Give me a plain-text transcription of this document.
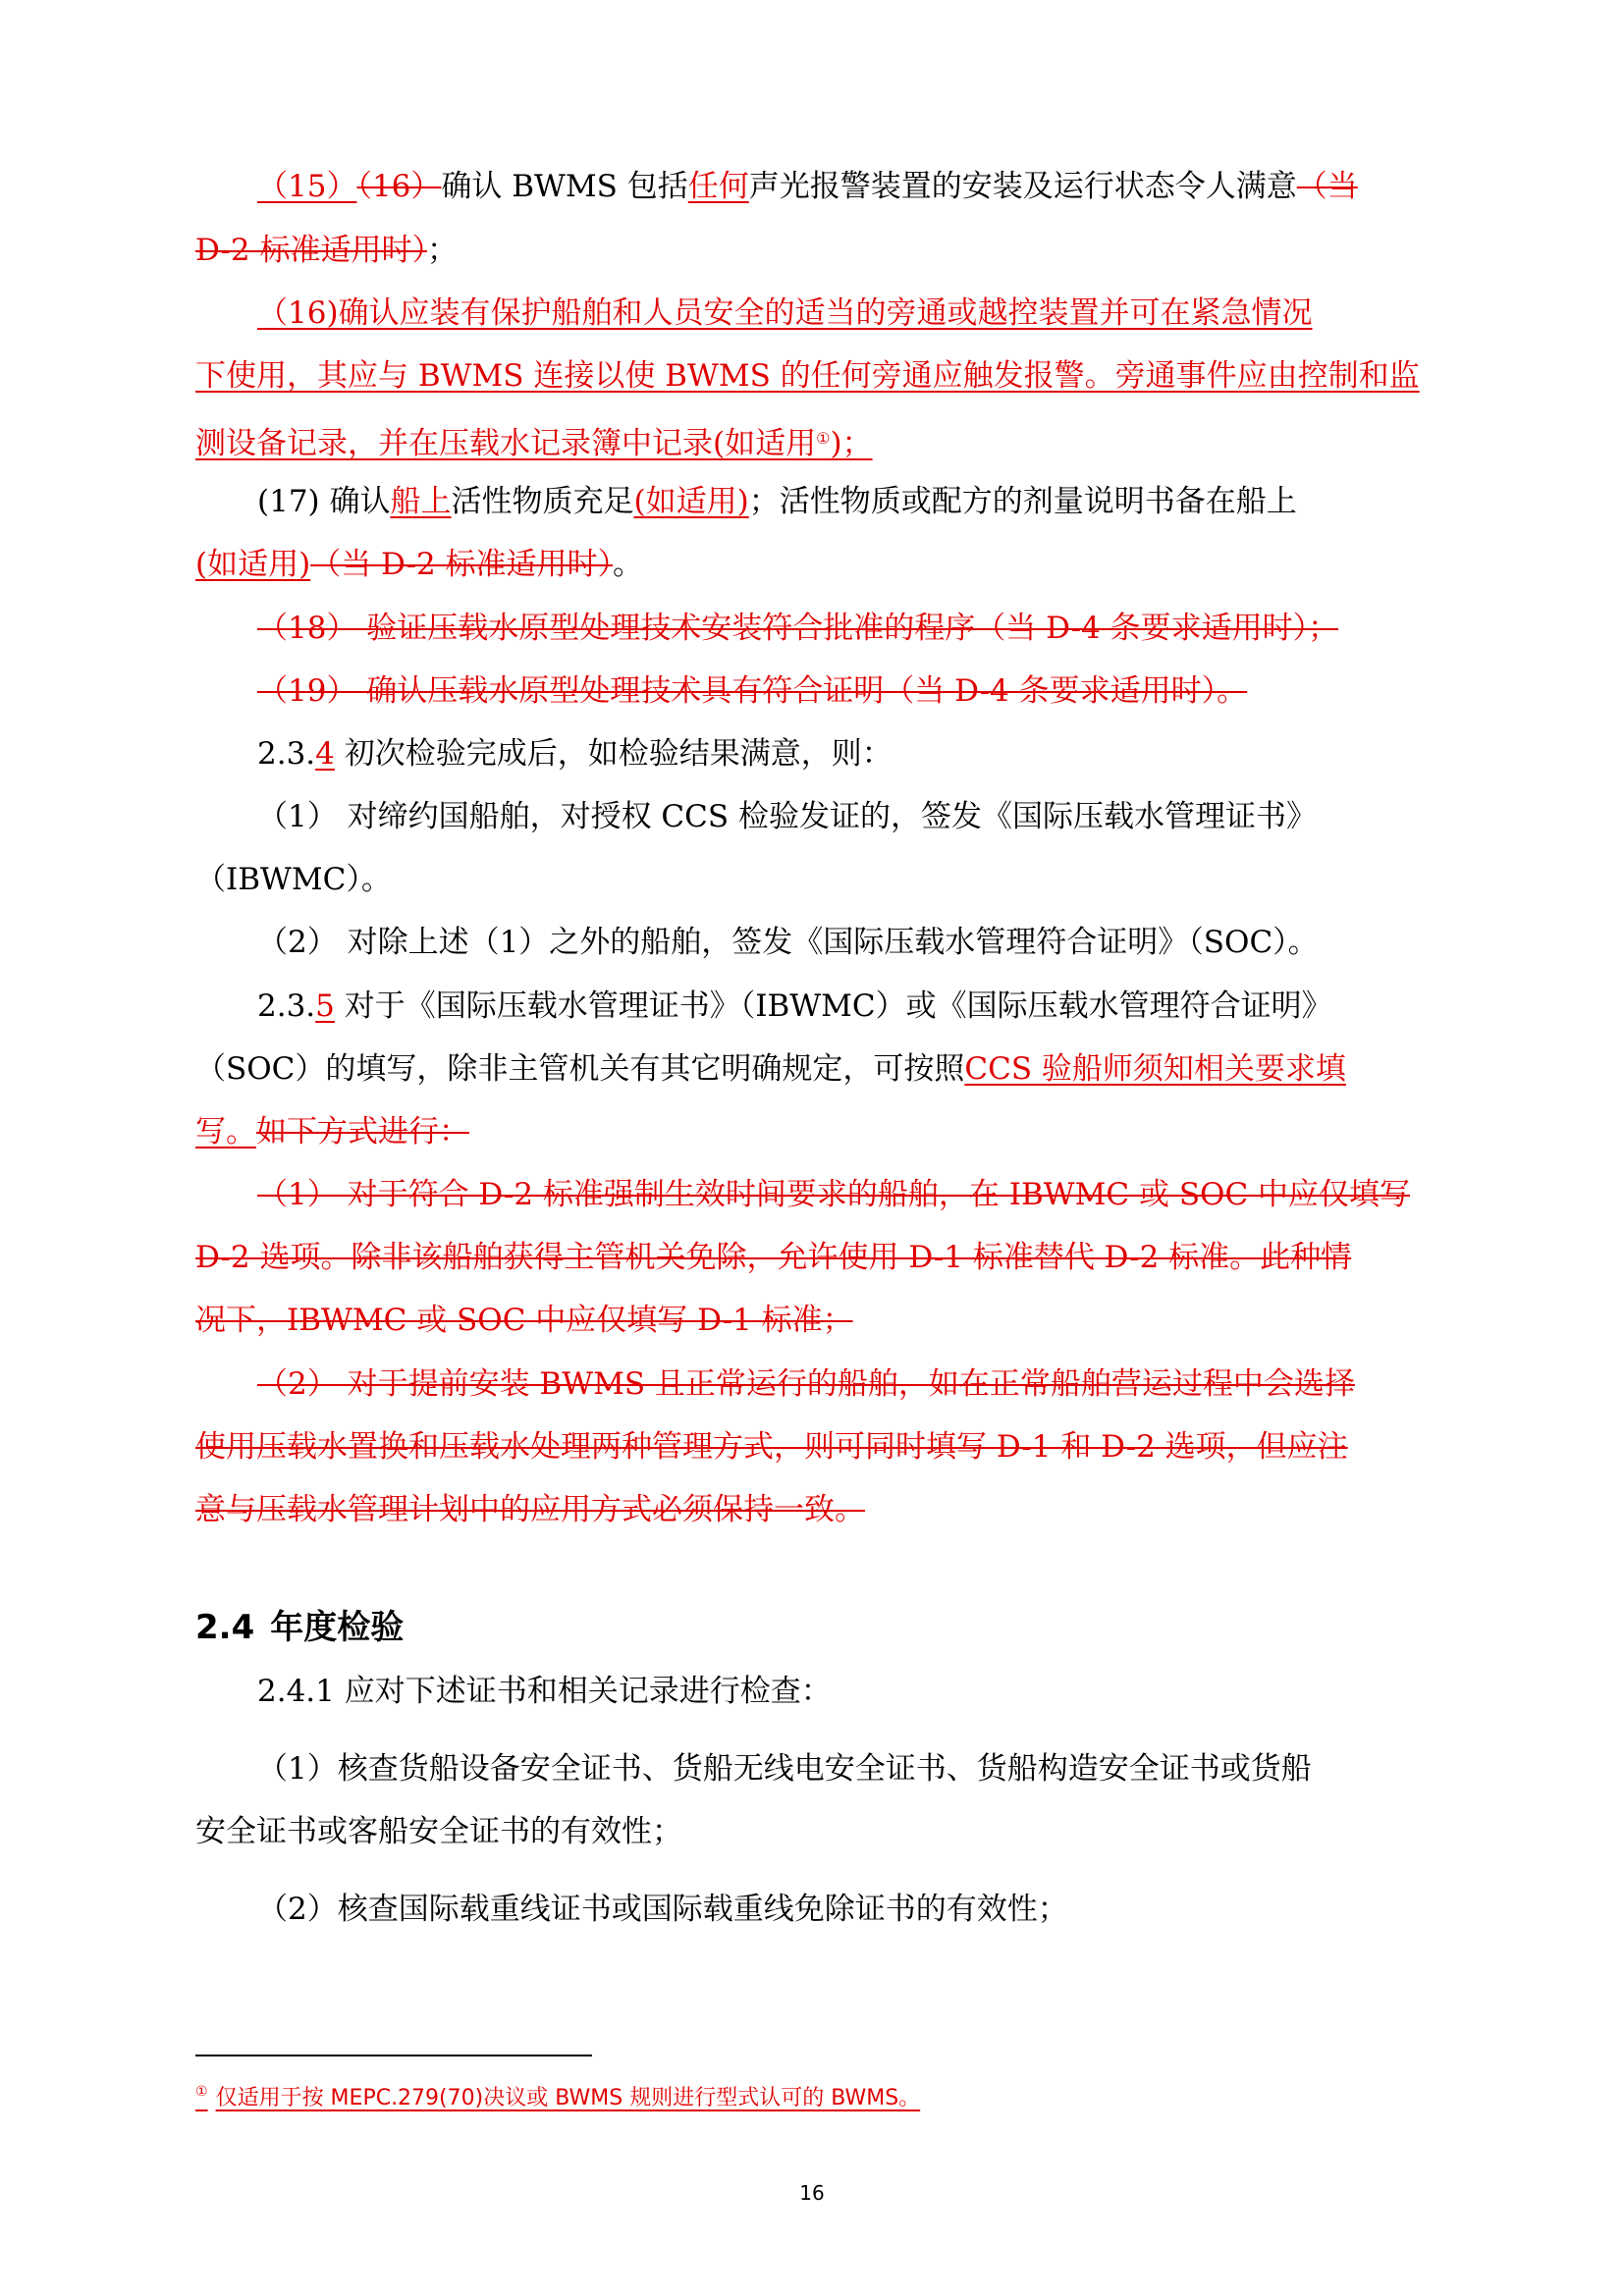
（15）（16）确认 BWMS 包括任何声光报警装置的安装及运行状态令人满意（当
D-2 标准适用时）；
（16)确认应装有保护船舶和人员安全的适当的旁通或越控装置并可在紧急情况
下使用，其应与 BWMS 连接以使 BWMS 的任何旁通应触发报警。旁通事件应由控制和监
测设备记录，并在压载水记录簿中记录(如适用①)；
(17) 确认船上活性物质充足(如适用)；活性物质或配方的剂量说明书备在船上
(如适用)（当 D-2 标准适用时）。
（18） 验证压载水原型处理技术安装符合批准的程序（当 D-4 条要求适用时）；
（19） 确认压载水原型处理技术具有符合证明（当 D-4 条要求适用时）。
2.3.4 初次检验完成后，如检验结果满意，则：
（1） 对缔约国船舶，对授权 CCS 检验发证的，签发《国际压载水管理证书》
（IBWMC）。
（2） 对除上述（1）之外的船舶，签发《国际压载水管理符合证明》（SOC）。
2.3.5 对于《国际压载水管理证书》（IBWMC）或《国际压载水管理符合证明》
（SOC）的填写，除非主管机关有其它明确规定，可按照CCS 验船师须知相关要求填
写。如下方式进行：
（1） 对于符合 D-2 标准强制生效时间要求的船舶，在 IBWMC 或 SOC 中应仅填写
D-2 选项。除非该船舶获得主管机关免除，允许使用 D-1 标准替代 D-2 标准。此种情
况下，IBWMC 或 SOC 中应仅填写 D-1 标准；
（2） 对于提前安装 BWMS 且正常运行的船舶，如在正常船舶营运过程中会选择
使用压载水置换和压载水处理两种管理方式，则可同时填写 D-1 和 D-2 选项，但应注
意与压载水管理计划中的应用方式必须保持一致。
2.4 年度检验
2.4.1 应对下述证书和相关记录进行检查：
（1）核查货船设备安全证书、货船无线电安全证书、货船构造安全证书或货船
安全证书或客船安全证书的有效性；
（2）核查国际载重线证书或国际载重线免除证书的有效性；
① 仅适用于按 MEPC.279(70)决议或 BWMS 规则进行型式认可的 BWMS。
16
